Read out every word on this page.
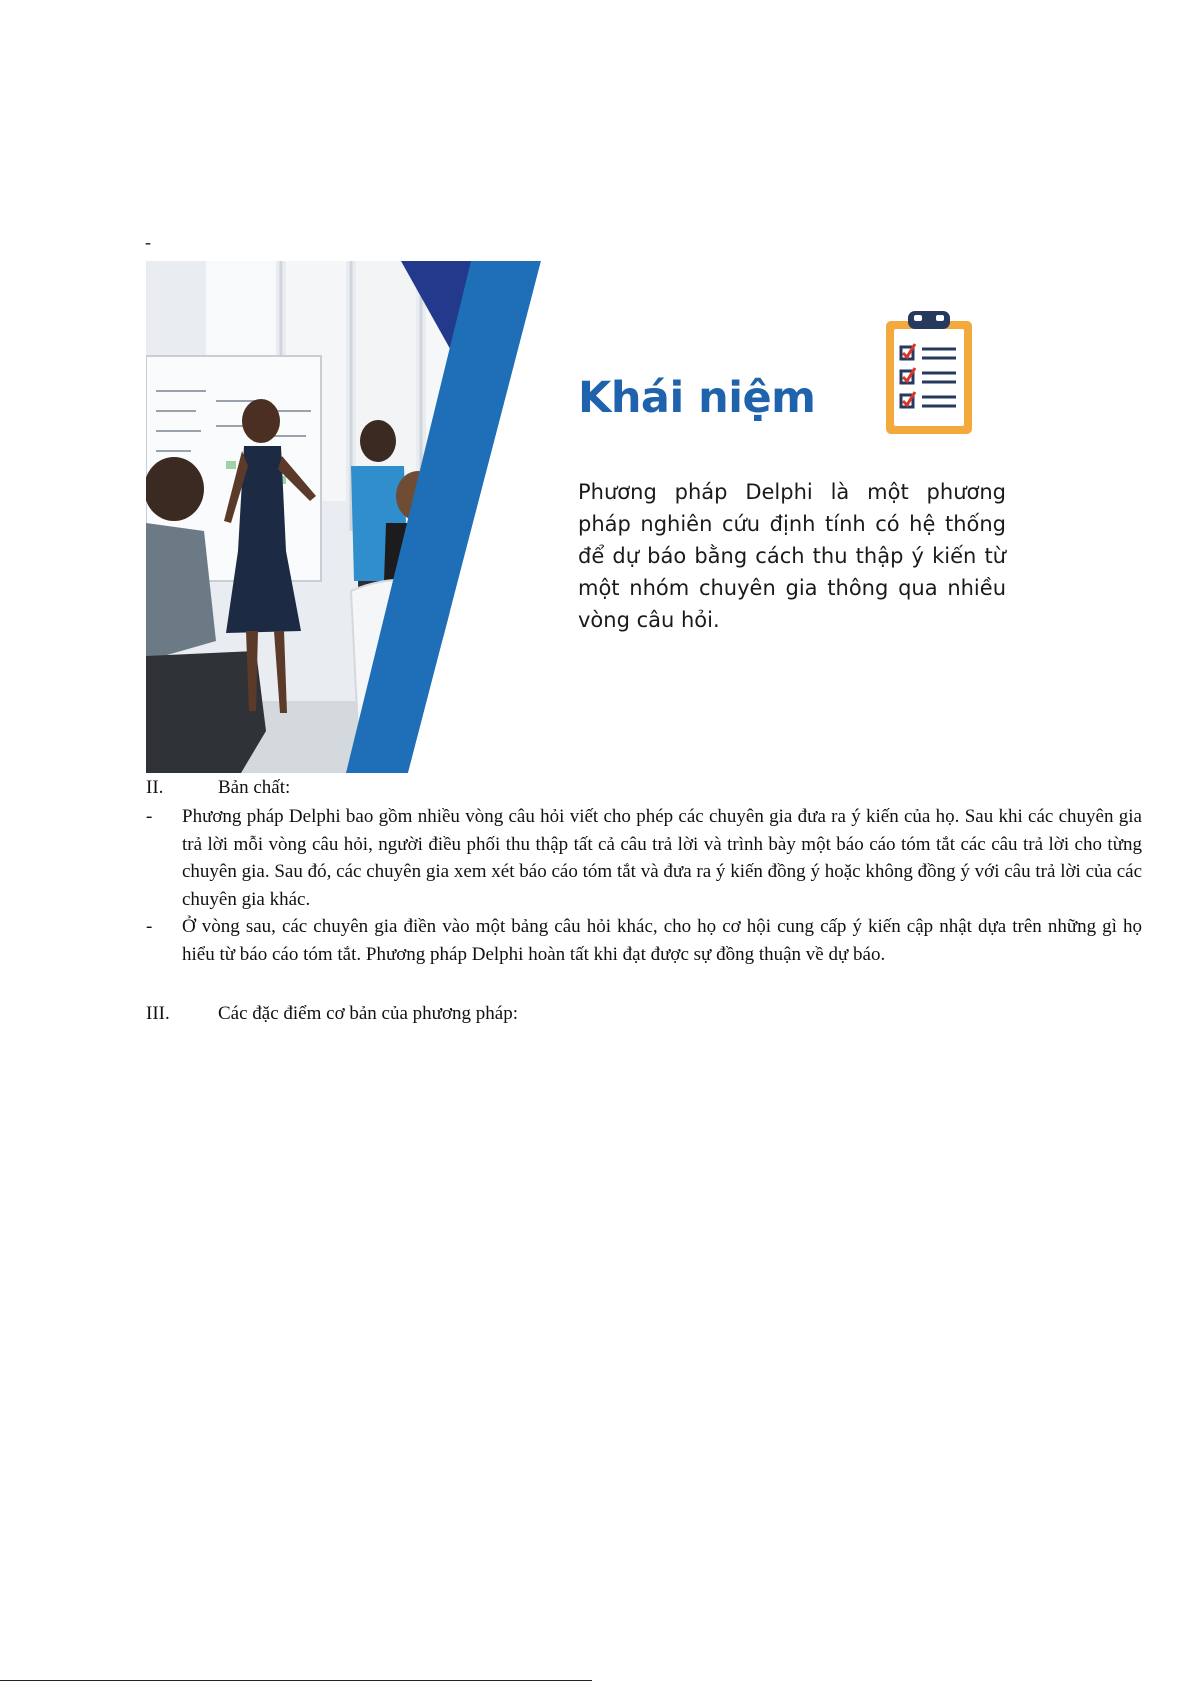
-
Khái niệm

Phương pháp Delphi là một phương pháp nghiên cứu định tính có hệ thống để dự báo bằng cách thu thập ý kiến từ một nhóm chuyên gia thông qua nhiều vòng câu hỏi.

II.	Bản chất:
- Phương pháp Delphi bao gồm nhiều vòng câu hỏi viết cho phép các chuyên gia đưa ra ý kiến của họ. Sau khi các chuyên gia trả lời mỗi vòng câu hỏi, người điều phối thu thập tất cả câu trả lời và trình bày một báo cáo tóm tắt các câu trả lời cho từng chuyên gia. Sau đó, các chuyên gia xem xét báo cáo tóm tắt và đưa ra ý kiến đồng ý hoặc không đồng ý với câu trả lời của các chuyên gia khác.
- Ở vòng sau, các chuyên gia điền vào một bảng câu hỏi khác, cho họ cơ hội cung cấp ý kiến cập nhật dựa trên những gì họ hiểu từ báo cáo tóm tắt. Phương pháp Delphi hoàn tất khi đạt được sự đồng thuận về dự báo.
III.	Các đặc điểm cơ bản của phương pháp:
